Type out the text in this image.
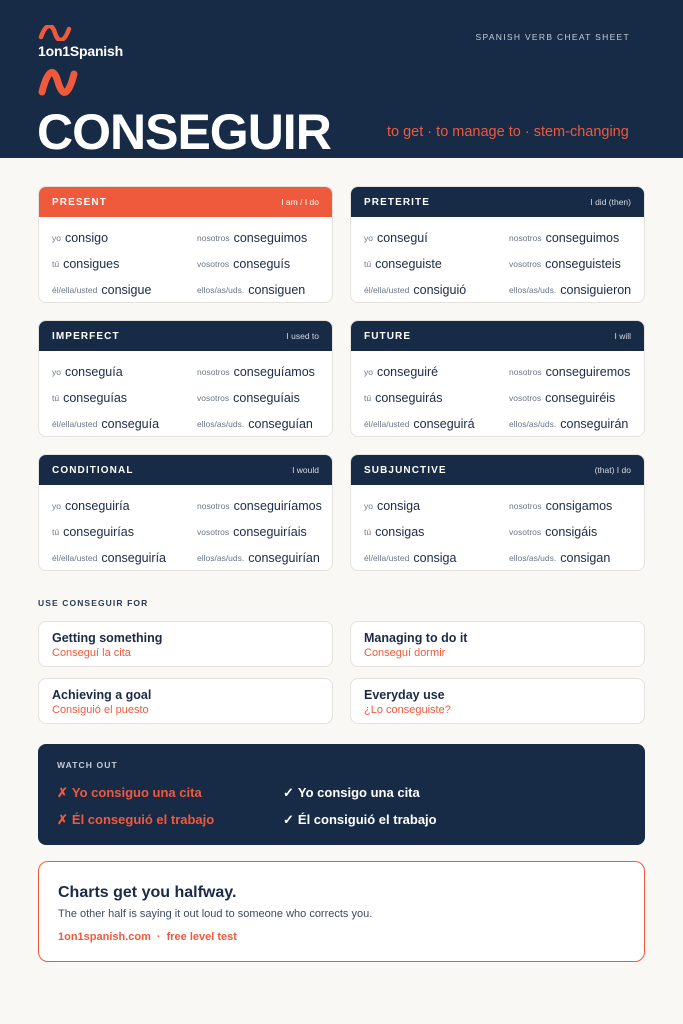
1on1Spanish
SPANISH VERB CHEAT SHEET
CONSEGUIR	to get · to manage to · stem-changing
PRESENT	I am / I do
yo consigo	nosotros conseguimos
tú consigues	vosotros conseguís
él/ella/usted consigue	ellos/as/uds. consiguen
PRETERITE	I did (then)
yo conseguí	nosotros conseguimos
tú conseguiste	vosotros conseguisteis
él/ella/usted consiguió	ellos/as/uds. consiguieron
IMPERFECT	I used to
yo conseguía	nosotros conseguíamos
tú conseguías	vosotros conseguíais
él/ella/usted conseguía	ellos/as/uds. conseguían
FUTURE	I will
yo conseguiré	nosotros conseguiremos
tú conseguirás	vosotros conseguiréis
él/ella/usted conseguirá	ellos/as/uds. conseguirán
CONDITIONAL	I would
yo conseguiría	nosotros conseguiríamos
tú conseguirías	vosotros conseguiríais
él/ella/usted conseguiría	ellos/as/uds. conseguirían
SUBJUNCTIVE	(that) I do
yo consiga	nosotros consigamos
tú consigas	vosotros consigáis
él/ella/usted consiga	ellos/as/uds. consigan
USE CONSEGUIR FOR
Getting something
Conseguí la cita
Managing to do it
Conseguí dormir
Achieving a goal
Consiguió el puesto
Everyday use
¿Lo conseguiste?
WATCH OUT
✗ Yo consiguo una cita	✓ Yo consigo una cita
✗ Él conseguió el trabajo	✓ Él consiguió el trabajo
Charts get you halfway.
The other half is saying it out loud to someone who corrects you.
1on1spanish.com · free level test
